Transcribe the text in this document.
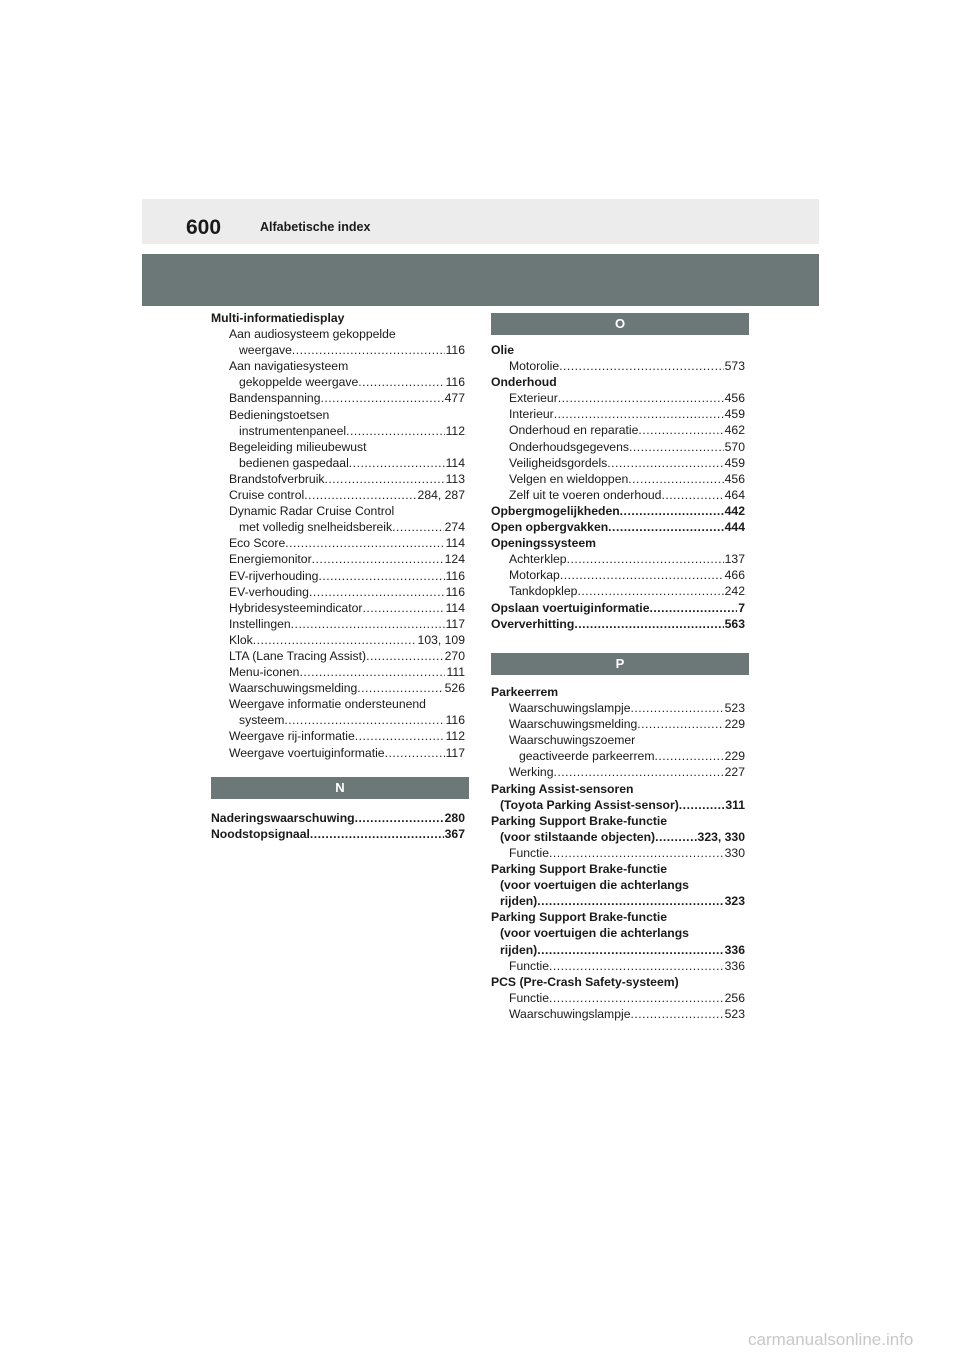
600	Alfabetische index
Multi-informatiedisplay
Aan audiosysteem gekoppelde
weergave .....	116
Aan navigatiesysteem
gekoppelde weergave .....	116
Bandenspanning .....	477
Bedieningstoetsen
instrumentenpaneel .....	112
Begeleiding milieubewust
bedienen gaspedaal .....	114
Brandstofverbruik .....	113
Cruise control .....	284, 287
Dynamic Radar Cruise Control
met volledig snelheidsbereik .....	274
Eco Score .....	114
Energiemonitor .....	124
EV-rijverhouding .....	116
EV-verhouding .....	116
Hybridesysteemindicator .....	114
Instellingen .....	117
Klok .....	103, 109
LTA (Lane Tracing Assist) .....	270
Menu-iconen .....	111
Waarschuwingsmelding .....	526
Weergave informatie ondersteunend
systeem .....	116
Weergave rij-informatie .....	112
Weergave voertuiginformatie .....	117
N
Naderingswaarschuwing .....	280
Noodstopsignaal .....	367
O
Olie
Motorolie .....	573
Onderhoud
Exterieur .....	456
Interieur .....	459
Onderhoud en reparatie .....	462
Onderhoudsgegevens .....	570
Veiligheidsgordels .....	459
Velgen en wieldoppen .....	456
Zelf uit te voeren onderhoud .....	464
Opbergmogelijkheden .....	442
Open opbergvakken .....	444
Openingssysteem
Achterklep .....	137
Motorkap .....	466
Tankdopklep .....	242
Opslaan voertuiginformatie .....	7
Oververhitting .....	563
P
Parkeerrem
Waarschuwingslampje .....	523
Waarschuwingsmelding .....	229
Waarschuwingszoemer
geactiveerde parkeerrem .....	229
Werking .....	227
Parking Assist-sensoren
(Toyota Parking Assist-sensor) .....	311
Parking Support Brake-functie
(voor stilstaande objecten) .....	323, 330
Functie .....	330
Parking Support Brake-functie
(voor voertuigen die achterlangs
rijden) .....	323
Parking Support Brake-functie
(voor voertuigen die achterlangs
rijden) .....	336
Functie .....	336
PCS (Pre-Crash Safety-systeem)
Functie .....	256
Waarschuwingslampje .....	523
carmanualsonline.info
